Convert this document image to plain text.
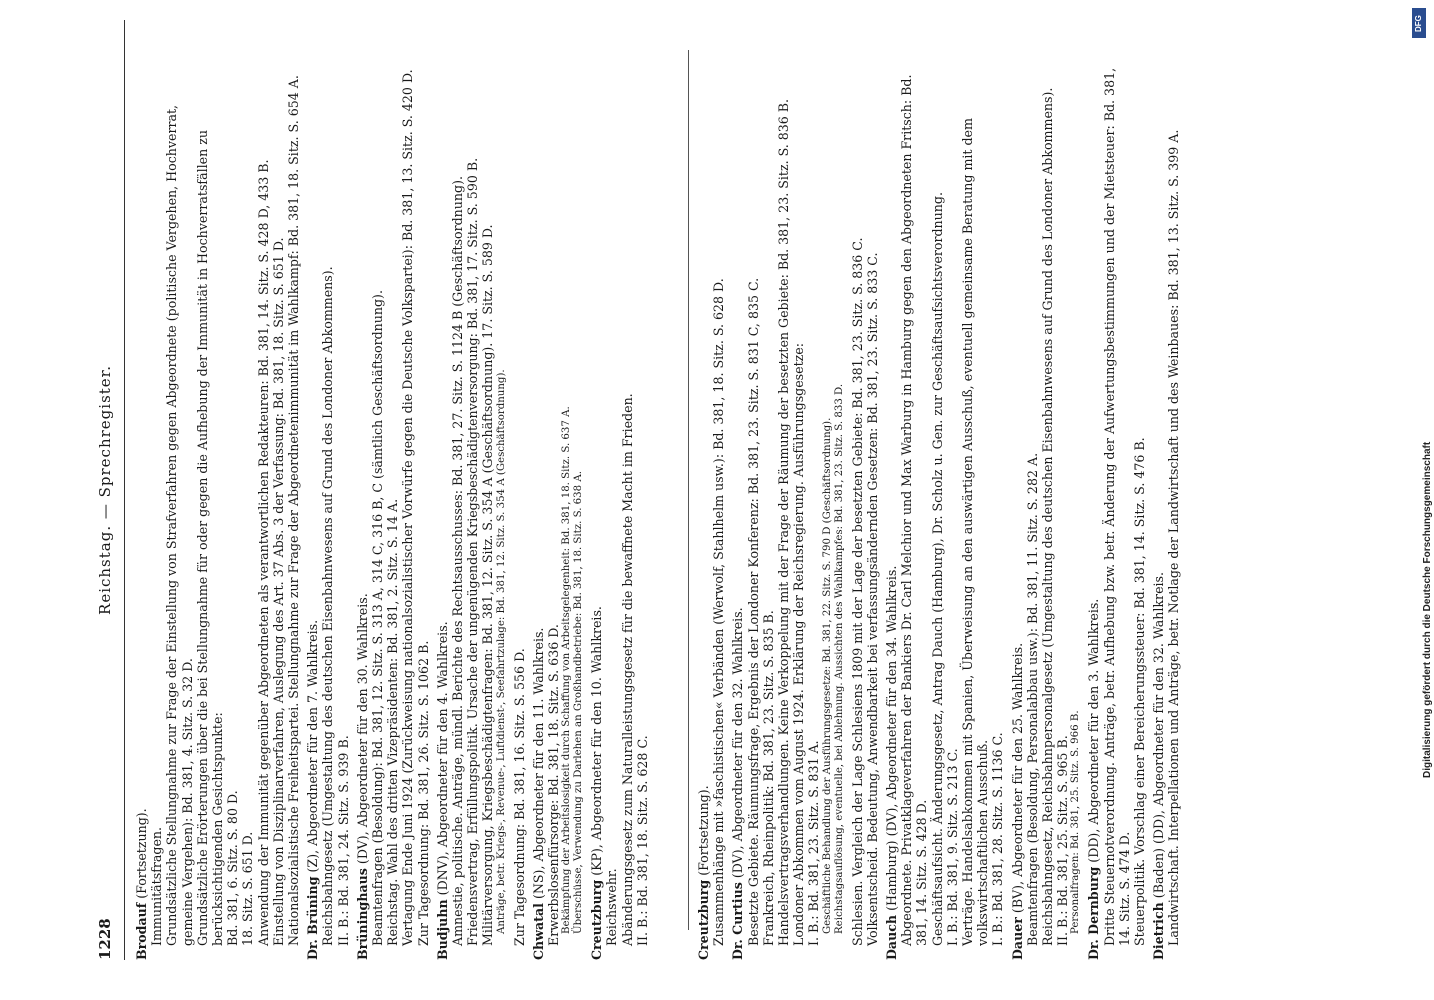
1228
Reichstag. — Sprechregister.
Brodauf (Fortsetzung). Immunitätsfragen. Grundsätzliche Stellungnahme zur Frage der Einstellung von Strafverfahren gegen Abgeordnete (politische Vergehen, Hochverrat, gemeine Vergehen): Bd. 381, 4. Sitz. S. 32 D. Grundsätzliche Erörterungen über die bei Stellungnahme für oder gegen die Aufhebung der Immunität in Hochverratsfällen zu berücksichtigenden Gesichtspunkte: Bd. 381, 6. Sitz. S. 80 D. 18. Sitz. S. 651 D. Anwendung der Immunität gegenüber Abgeordneten als verantwortlichen Redakteuren: Bd. 381, 14. Sitz. S. 428 D, 433 B. Einstellung von Disziplinarverfahren, Auslegung des Art. 37 Abs. 3 der Verfassung: Bd. 381, 18. Sitz. S. 651 D. Nationalsozialistische Freiheitspartei. Stellungnahme zur Frage der Abgeordnetenimmunität im Wahlkampf: Bd. 381, 18. Sitz. S. 654 A. Dr. Brüning (Z), Abgeordneter für den 7. Wahlkreis. Reichsbahngesetz (Umgestaltung des deutschen Eisenbahnwesens auf Grund des Londoner Abkommens). II. B.: Bd. 381, 24. Sitz. S. 939 B. Brüninghaus (DV), Abgeordneter für den 30. Wahlkreis. Beamtenfragen (Besoldung): Bd. 381, 12. Sitz. S. 313 A, 314 C, 316 B, C (sämtlich Geschäftsordnung). Reichstag. Wahl des dritten Vizepräsidenten: Bd. 381, 2. Sitz. S. 14 A. Vertagung Ende Juni 1924 (Zurückweisung nationalsozialistischer Vorwürfe gegen die Deutsche Volkspartei): Bd. 381, 13. Sitz. S. 420 D. Zur Tagesordnung: Bd. 381, 26. Sitz. S. 1062 B. Budjuhn (DNV), Abgeordneter für den 4. Wahlkreis. Amnestie, politische. Anträge, mündl. Berichte des Rechtsausschusses: Bd. 381, 27. Sitz. S. 1124 B (Geschäftsordnung). Friedensvertrag, Erfüllungspolitik. Ursache der ungenügenden Kriegsbeschädigtenversorgung: Bd. 381, 17. Sitz. S. 590 B. Militärversorgung, Kriegsbeschädigtenfragen: Bd. 381, 12. Sitz. S. 354 A (Geschäftsordnung). 17. Sitz. S. 589 D. Anträge, betr. Kriegs-, Revenue-, Luftdienst-, Seefahrtzulage: Bd. 381, 12. Sitz. S. 354 A (Geschäftsordnung). Zur Tagesordnung: Bd. 381, 16. Sitz. S. 556 D. Chwatal (NS), Abgeordneter für den 11. Wahlkreis. Erwerbslosenfürsorge: Bd. 381, 18. Sitz. S. 636 D. Bekämpfung der Arbeitslosigkeit durch Schaffung von Arbeitsgelegenheit: Bd. 381, 18. Sitz. S. 637 A. Überschüsse, Verwendung zu Darlehen an Großhandbetriebe: Bd. 381, 18. Sitz. S. 638 A. Creutzburg (KP), Abgeordneter für den 10. Wahlkreis.
Reichswehr. Abänderungsgesetz zum Naturalleistungsgesetz für die bewaffnete Macht im Frieden. II. B.: Bd. 381, 18. Sitz. S. 628 C.	Creutzburg (Fortsetzung). Zusammenhänge mit »faschistischen« Verbänden (Werwolf, Stahlhelm usw.): Bd. 381, 18. Sitz. S. 628 D. Dr. Curtius (DV), Abgeordneter für den 32. Wahlkreis. Besetzte Gebiete. Räumungsfrage, Ergebnis der Londoner Konferenz: Bd. 381, 23. Sitz. S. 831 C, 835 C. Frankreich, Rheinpolitik: Bd. 381, 23. Sitz. S. 835 B. Handelsvertragsverhandlungen. Keine Verkoppelung mit der Frage der Räumung der besetzten Gebiete: Bd. 381, 23. Sitz. S. 836 B. Londoner Abkommen vom August 1924. Erklärung der Reichsregierung. Ausführungsgesetze: I. B.: Bd. 381, 23. Sitz. S. 831 A. Geschäftliche Behandlung der Ausführungsgesetze: Bd. 381, 22. Sitz. S. 790 D (Geschäftsordnung). Reichstagsauflösung, eventuelle, bei Ablehnung. Aussichten des Wahlkampfes: Bd. 381, 23. Sitz. S. 833 D. Schlesien. Vergleich der Lage Schlesiens 1809 mit der Lage der besetzten Gebiete: Bd. 381, 23. Sitz. S. 836 C. Volksentscheid. Bedeutung, Anwendbarkeit bei verfassungsändernden Gesetzen: Bd. 381, 23. Sitz. S. 833 C. Dauch (Hamburg) (DV), Abgeordneter für den 34. Wahlkreis. Abgeordnete. Privatklageverfahren der Bankiers Dr. Carl Melchior und Max Warburg in Hamburg gegen den Abgeordneten Fritsch: Bd. 381, 14. Sitz. S. 428 D. Geschäftsaufsicht. Änderungsgesetz, Antrag Dauch (Hamburg), Dr. Scholz u. Gen. zur Geschäftsaufsichtsverordnung. I. B.: Bd. 381, 9. Sitz. S. 213 C. Verträge. Handelsabkommen mit Spanien, Überweisung an den auswärtigen Ausschuß, eventuell gemeinsame Beratung mit dem volkswirtschaftlichen Ausschuß. I. B.: Bd. 381, 28. Sitz. S. 1136 C. Dauer (BV), Abgeordneter für den 25. Wahlkreis. Beamtenfragen (Besoldung, Personalabbau usw.): Bd. 381, 11. Sitz. S. 282 A. Reichsbahngesetz, Reichsbahnpersonalgesetz (Umgestaltung des deutschen Eisenbahnwesens auf Grund des Londoner Abkommens). II. B.: Bd. 381, 25. Sitz. S. 965 B. Personalfragen: Bd. 381, 25. Sitz. S. 966 B. Dr. Dernburg (DD), Abgeordneter für den 3. Wahlkreis. Dritte Steuernotverordnung. Anträge, betr. Aufhebung bzw. betr. Änderung der Aufwertungsbestimmungen und der Mietsteuer: Bd. 381, 14. Sitz. S. 474 D. Steuerpolitik. Vorschlag einer Bereicherungssteuer: Bd. 381, 14. Sitz. S. 476 B. Dietrich (Baden) (DD), Abgeordneter für den 32. Wahlkreis. Landwirtschaft. Interpellationen und Anträge, betr. Notlage der Landwirtschaft und des Weinbaues: Bd. 381, 13. Sitz. S. 399 A.	Digitalisierung gefördert durch die Deutsche Forschungsgemeinschaft
DFG
